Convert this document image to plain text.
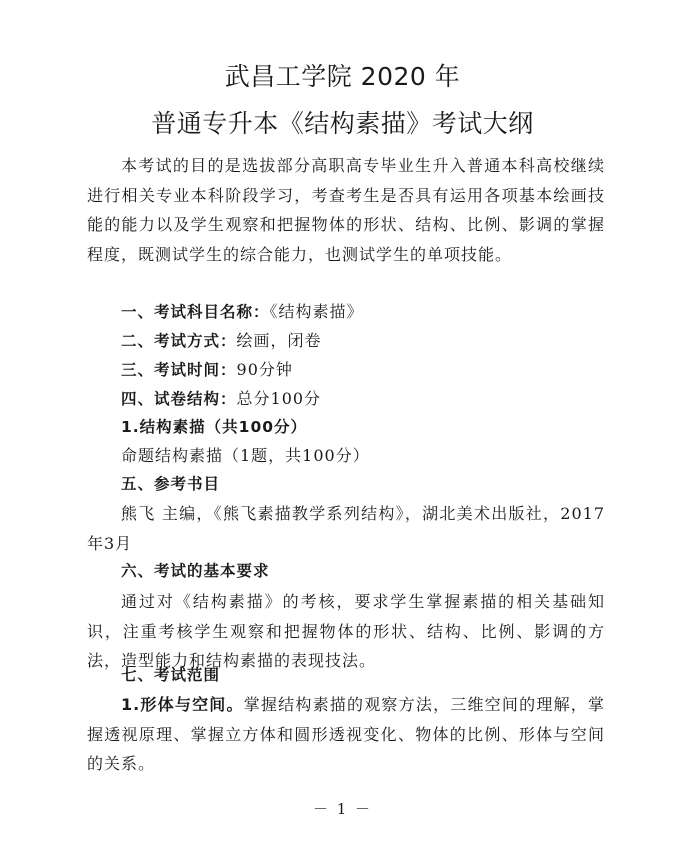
武昌工学院 2020 年
普通专升本《结构素描》考试大纲
本考试的目的是选拔部分高职高专毕业生升入普通本科高校继续进行相关专业本科阶段学习，考查考生是否具有运用各项基本绘画技能的能力以及学生观察和把握物体的形状、结构、比例、影调的掌握程度，既测试学生的综合能力，也测试学生的单项技能。
一、考试科目名称：《结构素描》
二、考试方式：绘画，闭卷
三、考试时间：90分钟
四、试卷结构：总分100分
1.结构素描（共100分）
命题结构素描（1题，共100分）
五、参考书目
熊飞 主编，《熊飞素描教学系列结构》，湖北美术出版社，2017年3月
六、考试的基本要求
通过对《结构素描》的考核，要求学生掌握素描的相关基础知识，注重考核学生观察和把握物体的形状、结构、比例、影调的方法，造型能力和结构素描的表现技法。
七、考试范围
1.形体与空间。掌握结构素描的观察方法，三维空间的理解，掌握透视原理、掌握立方体和圆形透视变化、物体的比例、形体与空间的关系。
－ 1 －
